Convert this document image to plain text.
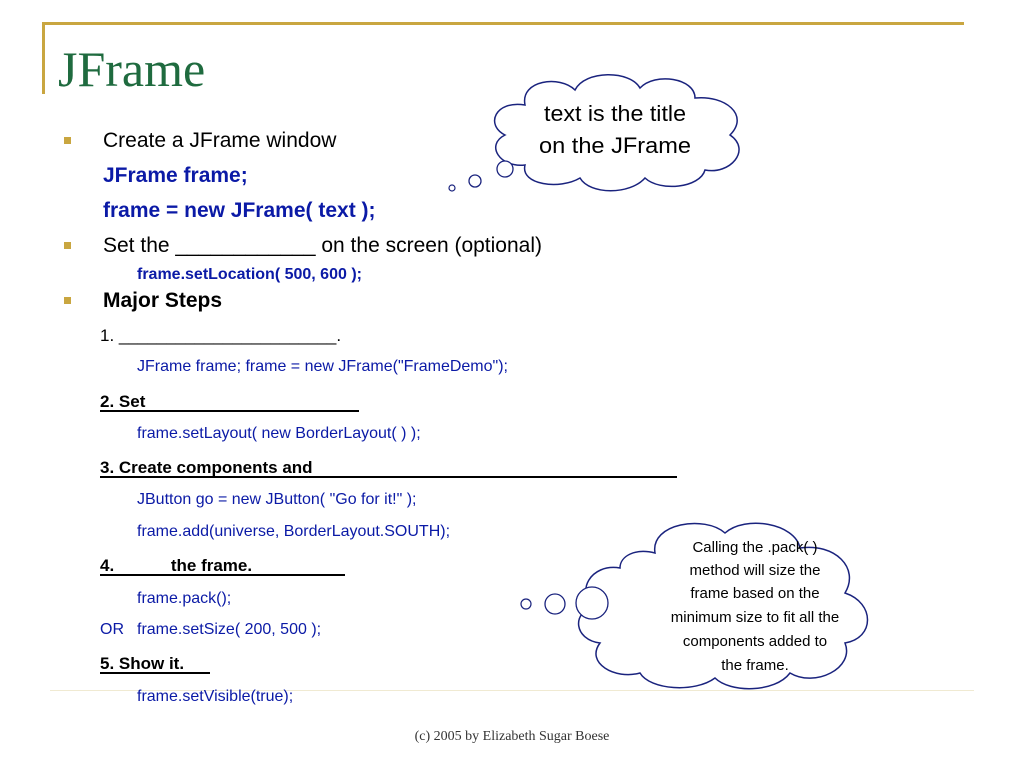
JFrame
Create a JFrame window
JFrame frame;
frame = new JFrame( text );
Set the ____________ on the screen (optional)
frame.setLocation( 500, 600 );
Major Steps
1. _______________________.
JFrame frame; frame = new JFrame("FrameDemo");
2. Set
frame.setLayout( new BorderLayout( ) );
3. Create components and
JButton go = new JButton( "Go for it!" );
frame.add(universe, BorderLayout.SOUTH);
4.            the frame.
frame.pack();
OR frame.setSize( 200, 500 );
5. Show it.
frame.setVisible(true);
text is the title
on the JFrame
Calling the .pack( )
method will size the
frame based on the
minimum size to fit all the
components added to
the frame.
(c) 2005 by Elizabeth Sugar Boese
